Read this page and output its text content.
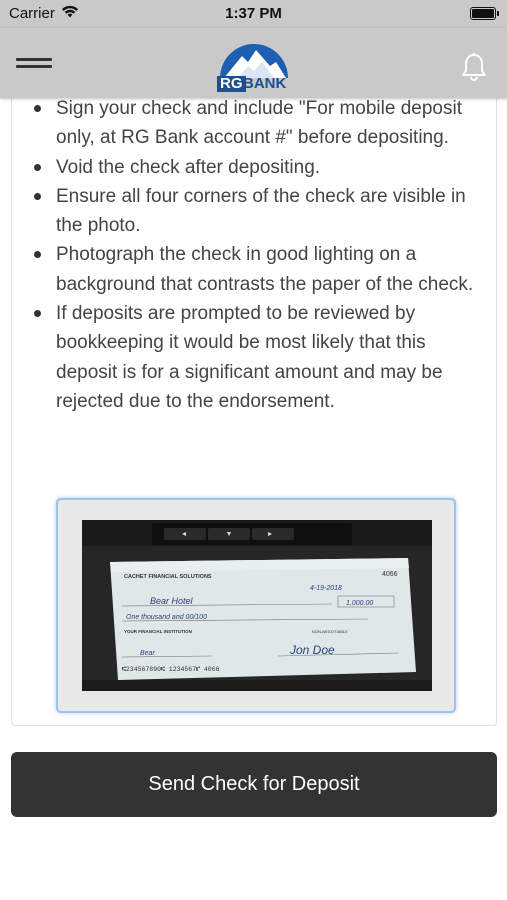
Carrier	1:37 PM
RG BANK
Sign your check and include "For mobile deposit only, at RG Bank account #" before depositing.
Void the check after depositing.
Ensure all four corners of the check are visible in the photo.
Photograph the check in good lighting on a background that contrasts the paper of the check.
If deposits are prompted to be reviewed by bookkeeping it would be most likely that this deposit is for a significant amount and may be rejected due to the endorsement.
CACHET FINANCIAL SOLUTIONS	4066
4-19-2018
Bear Hotel	1,000.00
One thousand and 00/100
YOUR FINANCIAL INSTITUTION	NON-NEGOTIABLE
Bear	Jon Doe
⑆234567890⑆ 1234567⑈ 4066
Send Check for Deposit
